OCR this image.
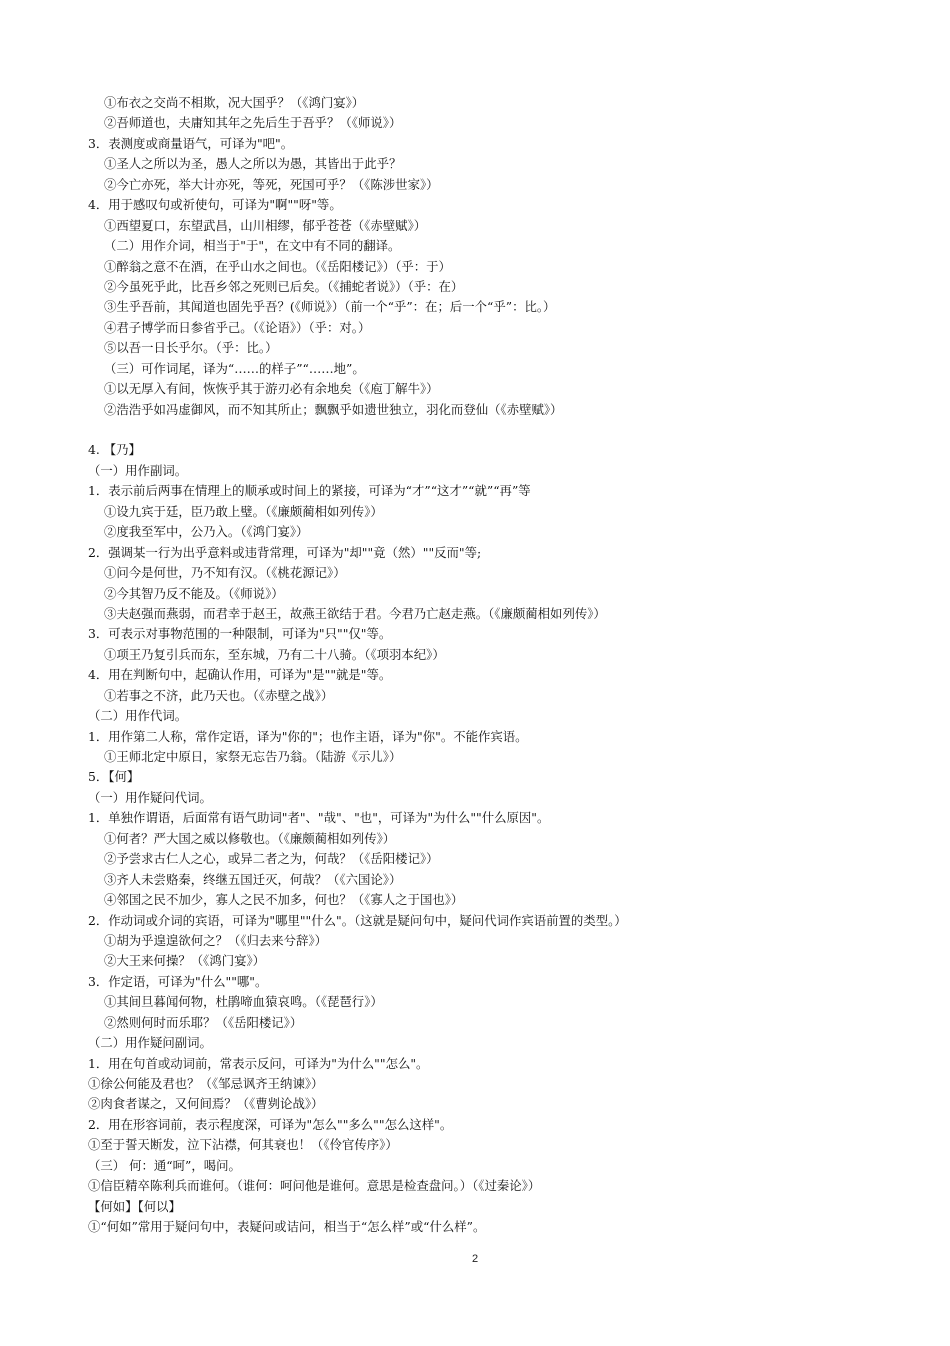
①布衣之交尚不相欺，况大国乎？（《鸿门宴》）
②吾师道也，夫庸知其年之先后生于吾乎？（《师说》）
3．表测度或商量语气，可译为"吧"。
①圣人之所以为圣，愚人之所以为愚，其皆出于此乎？
②今亡亦死，举大计亦死，等死，死国可乎？（《陈涉世家》）
4．用于感叹句或祈使句，可译为"啊""呀"等。
①西望夏口，东望武昌，山川相缪，郁乎苍苍（《赤壁赋》）
（二）用作介词，相当于"于"，在文中有不同的翻译。
①醉翁之意不在酒，在乎山水之间也。（《岳阳楼记》）（乎：于）
②今虽死乎此，比吾乡邻之死则已后矣。（《捕蛇者说》）（乎：在）
③生乎吾前，其闻道也固先乎吾？(《师说》）（前一个“乎”：在；后一个“乎”：比。）
④君子博学而日参省乎己。（《论语》）（乎：对。）
⑤以吾一日长乎尔。（乎：比。）
（三）可作词尾，译为“……的样子”“……地”。
①以无厚入有间，恢恢乎其于游刃必有余地矣（《庖丁解牛》）
②浩浩乎如冯虚御风，而不知其所止；飘飘乎如遗世独立，羽化而登仙（《赤壁赋》）
4. 【乃】
（一）用作副词。
1．表示前后两事在情理上的顺承或时间上的紧接，可译为“才”“这才”“就”“再”等
①设九宾于廷，臣乃敢上璧。（《廉颇蔺相如列传》）
②度我至军中，公乃入。（《鸿门宴》）
2．强调某一行为出乎意料或违背常理，可译为"却""竟（然）""反而"等;
①问今是何世，乃不知有汉。（《桃花源记》）
②今其智乃反不能及。（《师说》）
③夫赵强而燕弱，而君幸于赵王，故燕王欲结于君。今君乃亡赵走燕。（《廉颇蔺相如列传》）
3．可表示对事物范围的一种限制，可译为"只""仅"等。
①项王乃复引兵而东，至东城，乃有二十八骑。（《项羽本纪》）
4．用在判断句中，起确认作用，可译为"是""就是"等。
①若事之不济，此乃天也。（《赤壁之战》）
（二）用作代词。
1．用作第二人称，常作定语，译为"你的"；也作主语，译为"你"。不能作宾语。
①王师北定中原日，家祭无忘告乃翁。（陆游《示儿》）
5．【何】
（一）用作疑问代词。
1．单独作谓语，后面常有语气助词"者"、"哉"、"也"，可译为"为什么""什么原因"。
①何者？严大国之威以修敬也。（《廉颇蔺相如列传》）
②予尝求古仁人之心，或异二者之为，何哉？（《岳阳楼记》）
③齐人未尝赂秦，终继五国迁灭，何哉？（《六国论》）
④邻国之民不加少，寡人之民不加多，何也？（《寡人之于国也》）
2．作动词或介词的宾语，可译为"哪里""什么"。（这就是疑问句中，疑问代词作宾语前置的类型。）
①胡为乎遑遑欲何之？（《归去来兮辞》）
②大王来何操？（《鸿门宴》）
3．作定语，可译为"什么""哪"。
①其间旦暮闻何物，杜鹃啼血猿哀鸣。（《琵琶行》）
②然则何时而乐耶？（《岳阳楼记》）
（二）用作疑问副词。
1．用在句首或动词前，常表示反问，可译为"为什么""怎么"。
①徐公何能及君也？（《邹忌讽齐王纳谏》）
②肉食者谋之，又何间焉？（《曹刿论战》）
2．用在形容词前，表示程度深，可译为"怎么""多么""怎么这样"。
①至于誓天断发，泣下沾襟，何其衰也！（《伶官传序》）
（三） 何：通“呵”，喝问。
①信臣精卒陈利兵而谁何。（谁何：呵问他是谁何。意思是检查盘问。）（《过秦论》）
【何如】【何以】
①“何如”常用于疑问句中，表疑问或诘问，相当于“怎么样”或“什么样”。
2
